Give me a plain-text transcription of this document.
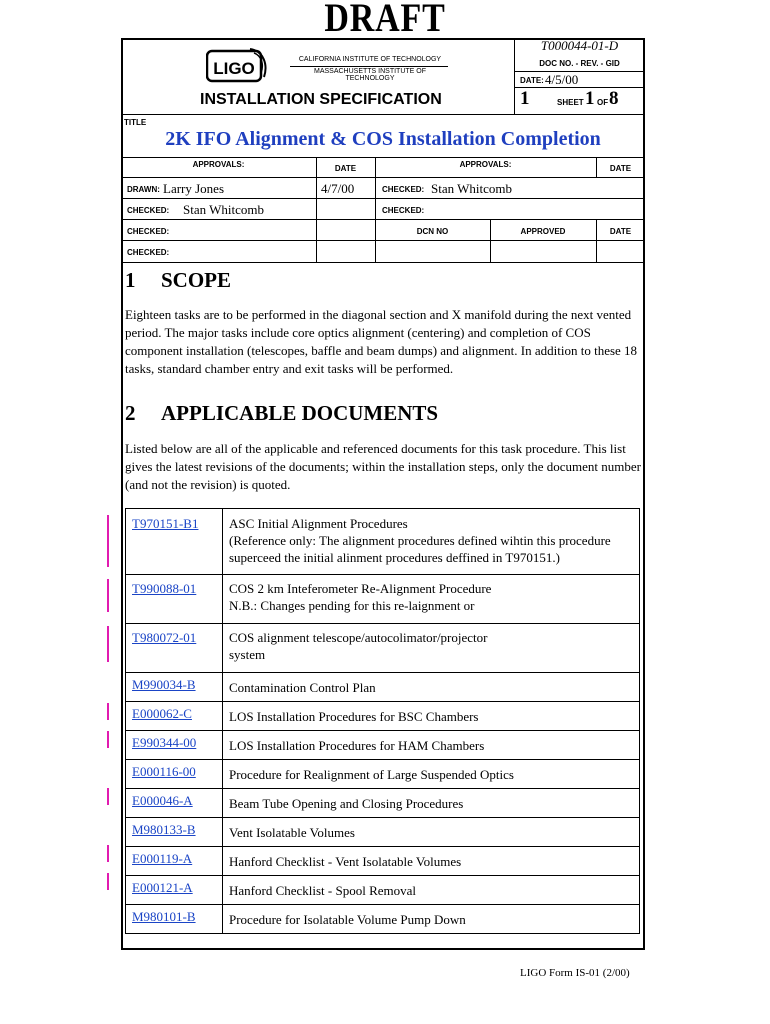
DRAFT
LIGO	CALIFORNIA INSTITUTE OF TECHNOLOGY
MASSACHUSETTS INSTITUTE OF TECHNOLOGY
T000044-01-D
DOC NO. - REV. - GID
DATE: 4/5/00
INSTALLATION SPECIFICATION	1	SHEET 1 OF 8
TITLE
2K IFO Alignment & COS Installation Completion
APPROVALS:	DATE	APPROVALS:	DATE
DRAWN: Larry Jones	4/7/00	CHECKED: Stan Whitcomb
CHECKED: Stan Whitcomb	CHECKED:
CHECKED:	DCN NO	APPROVED	DATE
CHECKED:
1 SCOPE
Eighteen tasks are to be performed in the diagonal section and X manifold during the next vented period. The major tasks include core optics alignment (centering) and completion of COS component installation (telescopes, baffle and beam dumps) and alignment. In addition to these 18 tasks, standard chamber entry and exit tasks will be performed.
2 APPLICABLE DOCUMENTS
Listed below are all of the applicable and referenced documents for this task procedure. This list gives the latest revisions of the documents; within the installation steps, only the document number (and not the revision) is quoted.
T970151-B1	ASC Initial Alignment Procedures
(Reference only: The alignment procedures defined wihtin this procedure superceed the initial alinment procedures deffined in T970151.)

T990088-01	COS 2 km Inteferometer Re-Alignment Procedure
N.B.: Changes pending for this re-laignment or

T980072-01	COS alignment telescope/autocolimator/projector
system

M990034-B	Contamination Control Plan
E000062-C	LOS Installation Procedures for BSC Chambers
E990344-00	LOS Installation Procedures for HAM Chambers
E000116-00	Procedure for Realignment of Large Suspended Optics
E000046-A	Beam Tube Opening and Closing Procedures
M980133-B	Vent Isolatable Volumes
E000119-A	Hanford Checklist - Vent Isolatable Volumes
E000121-A	Hanford Checklist - Spool Removal
M980101-B	Procedure for Isolatable Volume Pump Down
LIGO Form IS-01 (2/00)
